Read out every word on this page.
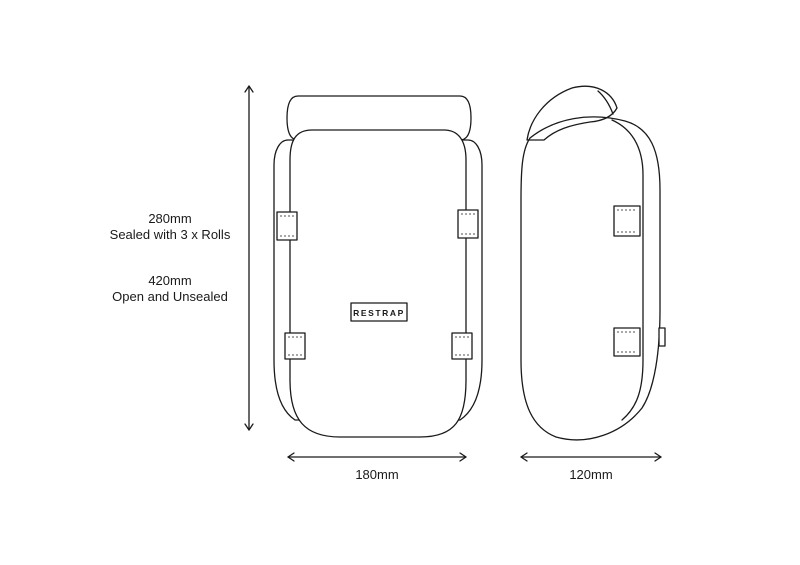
RESTRAP
280mm
Sealed with 3 x Rolls
420mm
Open and Unsealed
180mm	120mm
